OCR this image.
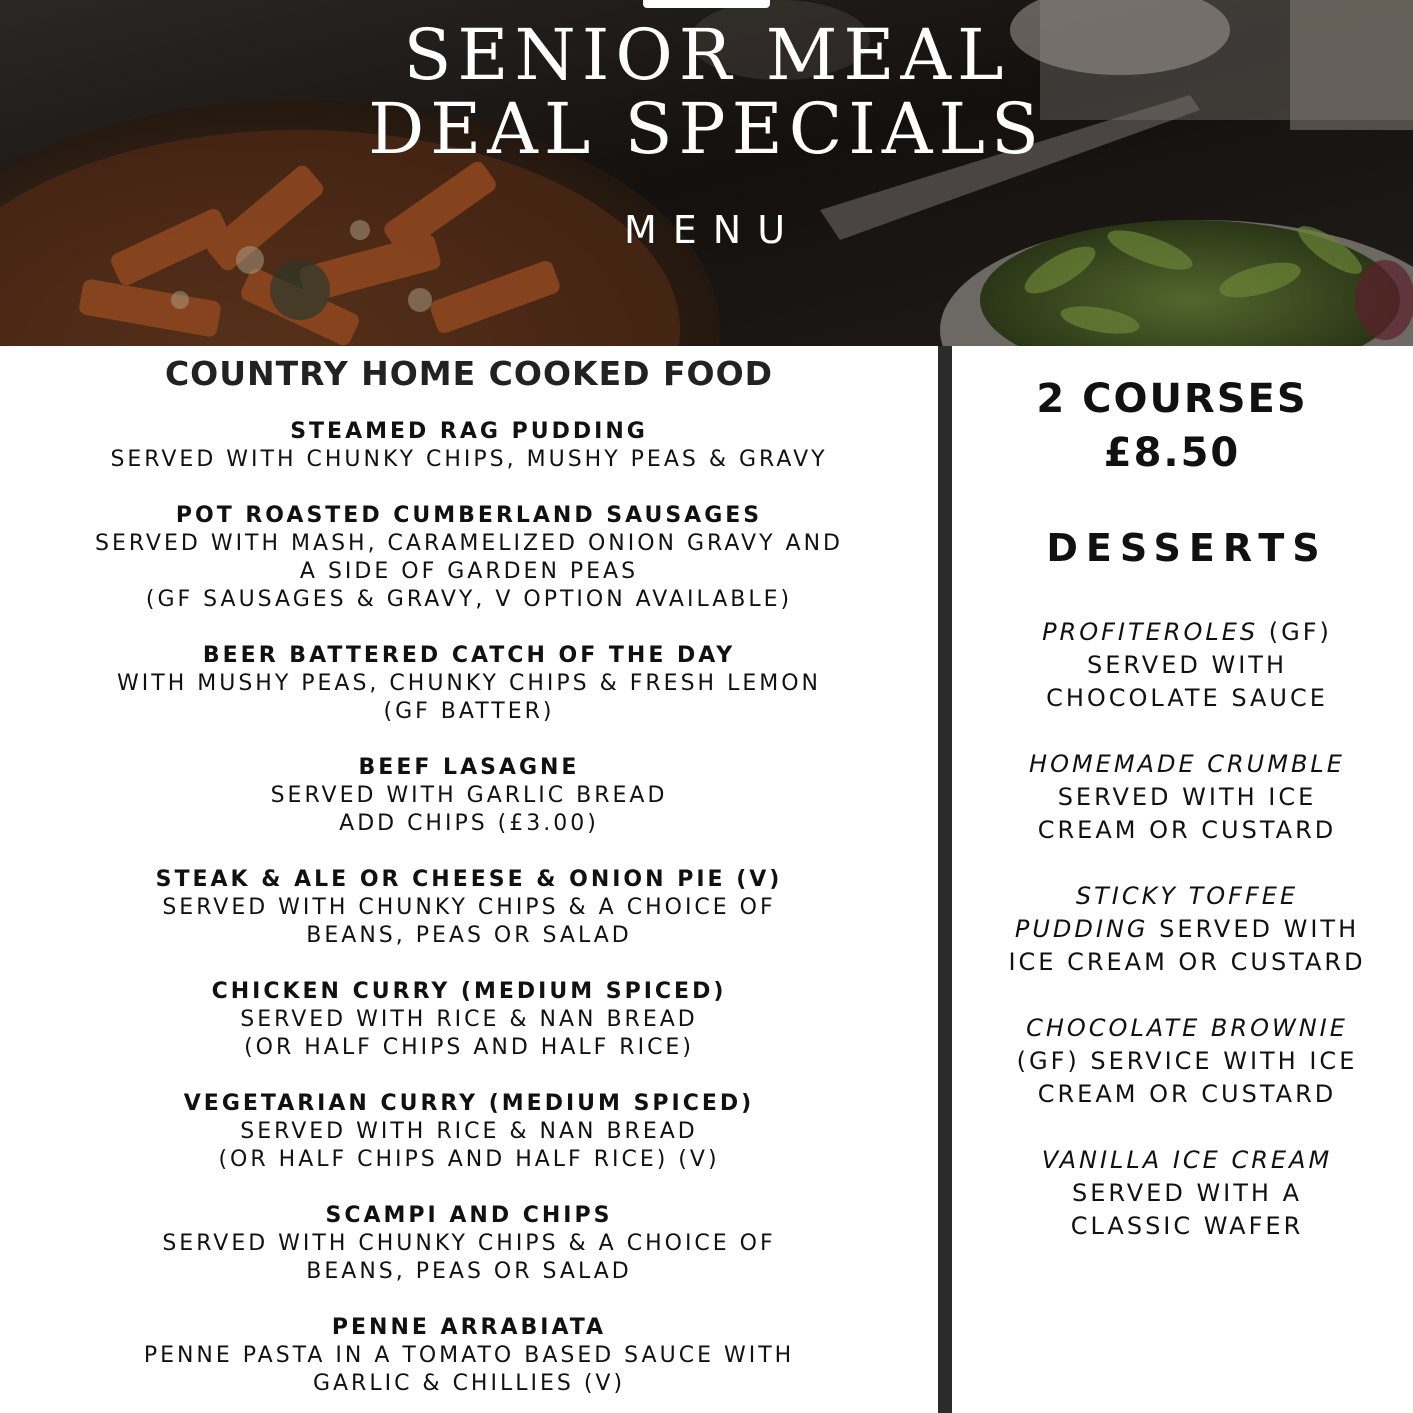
SENIOR MEAL
DEAL SPECIALS
MENU
COUNTRY HOME COOKED FOOD
STEAMED RAG PUDDING
SERVED WITH CHUNKY CHIPS, MUSHY PEAS & GRAVY
POT ROASTED CUMBERLAND SAUSAGES
SERVED WITH MASH, CARAMELIZED ONION GRAVY AND
A SIDE OF GARDEN PEAS
(GF SAUSAGES & GRAVY, V OPTION AVAILABLE)
BEER BATTERED CATCH OF THE DAY
WITH MUSHY PEAS, CHUNKY CHIPS & FRESH LEMON
(GF BATTER)
BEEF LASAGNE
SERVED WITH GARLIC BREAD
ADD CHIPS (£3.00)
STEAK & ALE OR CHEESE & ONION PIE (V)
SERVED WITH CHUNKY CHIPS & A CHOICE OF
BEANS, PEAS OR SALAD
CHICKEN CURRY (MEDIUM SPICED)
SERVED WITH RICE & NAN BREAD
(OR HALF CHIPS AND HALF RICE)
VEGETARIAN CURRY (MEDIUM SPICED)
SERVED WITH RICE & NAN BREAD
(OR HALF CHIPS AND HALF RICE) (V)
SCAMPI AND CHIPS
SERVED WITH CHUNKY CHIPS & A CHOICE OF
BEANS, PEAS OR SALAD
PENNE ARRABIATA
PENNE PASTA IN A TOMATO BASED SAUCE WITH
GARLIC & CHILLIES (V)
2 COURSES
£8.50
DESSERTS

PROFITEROLES (GF)
SERVED WITH
CHOCOLATE SAUCE

HOMEMADE CRUMBLE
SERVED WITH ICE
CREAM OR CUSTARD

STICKY TOFFEE
PUDDING SERVED WITH
ICE CREAM OR CUSTARD

CHOCOLATE BROWNIE
(GF) SERVICE WITH ICE
CREAM OR CUSTARD

VANILLA ICE CREAM
SERVED WITH A
CLASSIC WAFER
